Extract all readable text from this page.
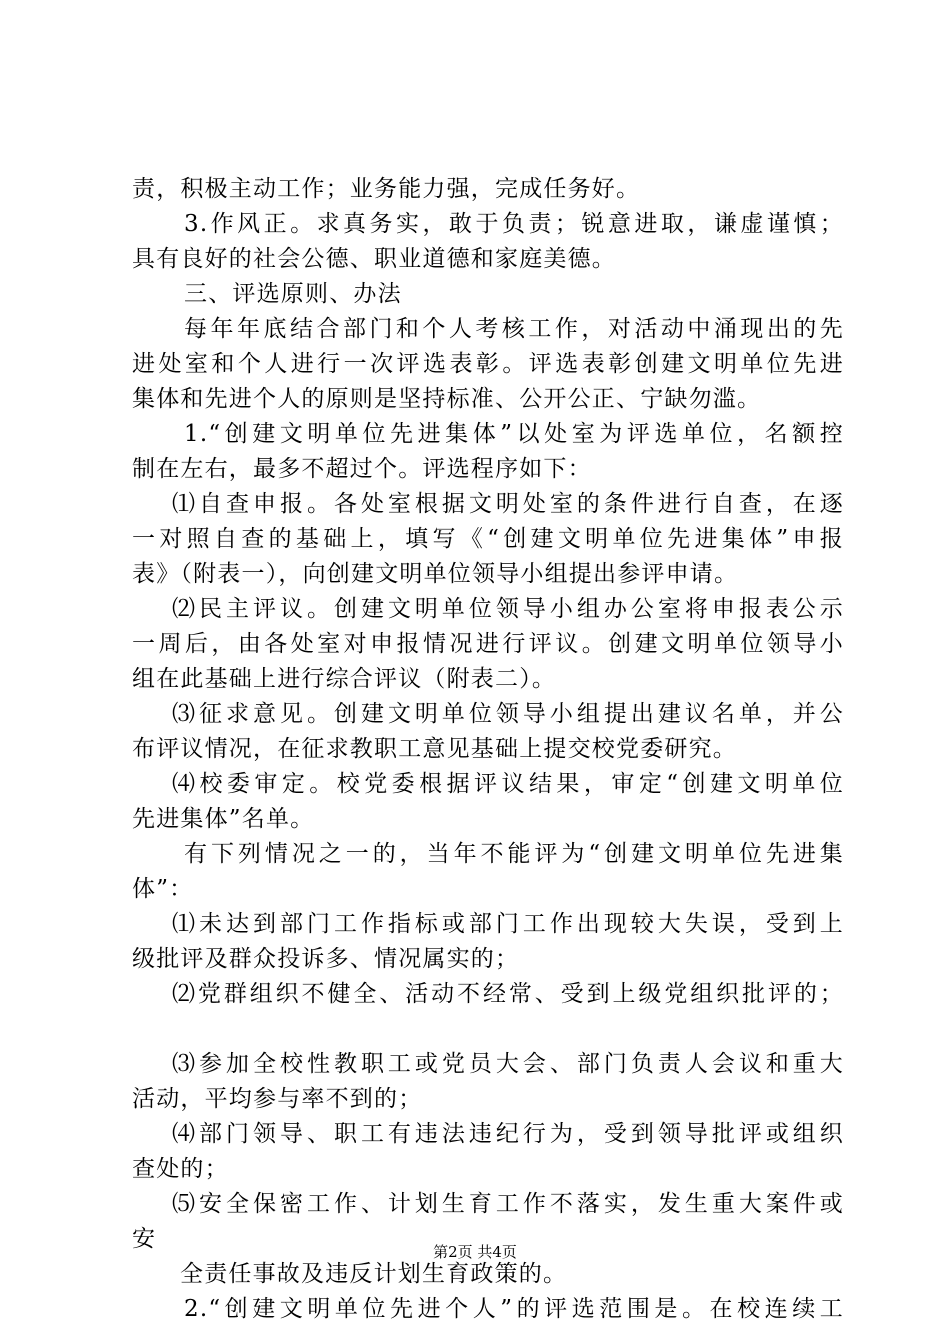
责，积极主动工作；业务能力强，完成任务好。
3.作风正。求真务实，敢于负责；锐意进取，谦虚谨慎；
具有良好的社会公德、职业道德和家庭美德。
三、评选原则、办法
每年年底结合部门和个人考核工作，对活动中涌现出的先
进处室和个人进行一次评选表彰。评选表彰创建文明单位先进
集体和先进个人的原则是坚持标准、公开公正、宁缺勿滥。
1.“创建文明单位先进集体”以处室为评选单位，名额控
制在左右，最多不超过个。评选程序如下：
⑴自查申报。各处室根据文明处室的条件进行自查，在逐
一对照自查的基础上，填写《“创建文明单位先进集体”申报
表》（附表一），向创建文明单位领导小组提出参评申请。
⑵民主评议。创建文明单位领导小组办公室将申报表公示
一周后，由各处室对申报情况进行评议。创建文明单位领导小
组在此基础上进行综合评议（附表二）。
⑶征求意见。创建文明单位领导小组提出建议名单，并公
布评议情况，在征求教职工意见基础上提交校党委研究。
⑷校委审定。校党委根据评议结果，审定“创建文明单位
先进集体”名单。
有下列情况之一的，当年不能评为“创建文明单位先进集
体”：
⑴未达到部门工作指标或部门工作出现较大失误，受到上
级批评及群众投诉多、情况属实的；
⑵党群组织不健全、活动不经常、受到上级党组织批评的；
⑶参加全校性教职工或党员大会、部门负责人会议和重大
活动，平均参与率不到的；
⑷部门领导、职工有违法违纪行为，受到领导批评或组织
查处的；
⑸安全保密工作、计划生育工作不落实，发生重大案件或
安
全责任事故及违反计划生育政策的。
2.“创建文明单位先进个人”的评选范围是。在校连续工
第2页 共4页
